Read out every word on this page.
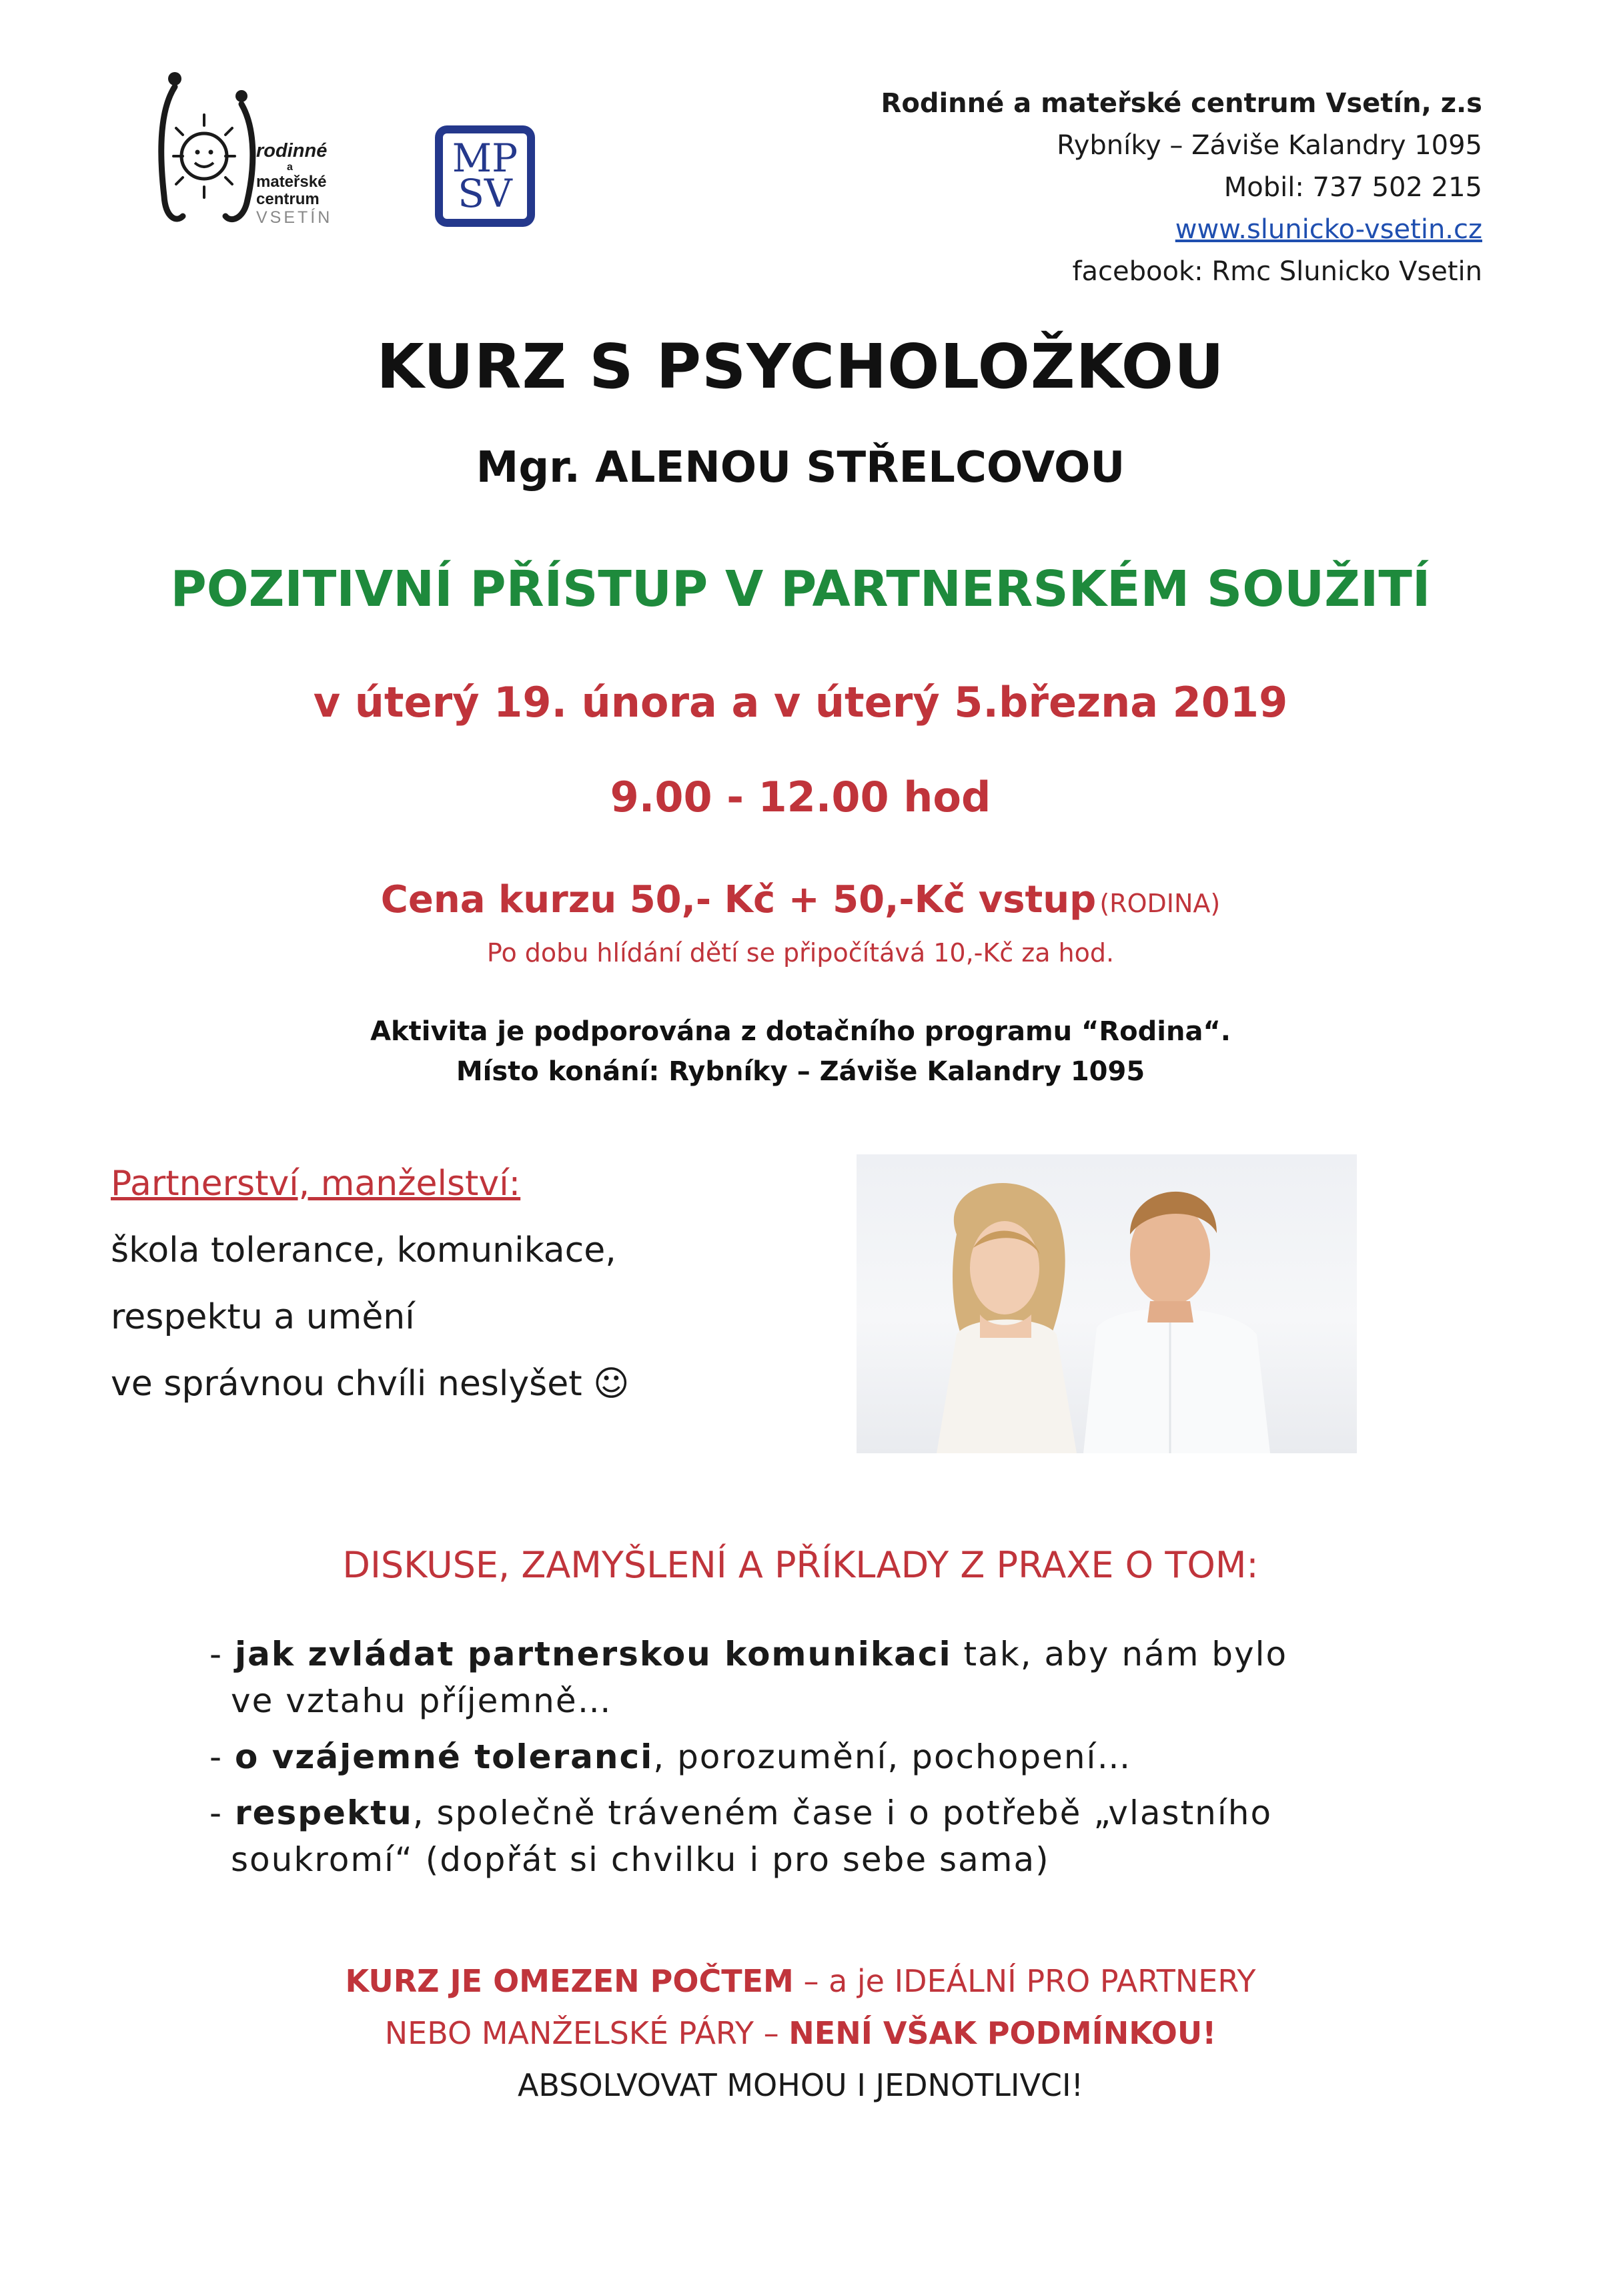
rodinné
a
mateřské
centrum
VSETÍN
MP
SV
Rodinné a mateřské centrum Vsetín, z.s
Rybníky – Záviše Kalandry 1095
Mobil: 737 502 215
www.slunicko-vsetin.cz
facebook: Rmc Slunicko Vsetin
KURZ S PSYCHOLOŽKOU
Mgr. ALENOU STŘELCOVOU
POZITIVNÍ PŘÍSTUP V PARTNERSKÉM SOUŽITÍ
v úterý 19. února a v úterý 5.března 2019
9.00 - 12.00 hod
Cena kurzu 50,- Kč + 50,-Kč vstup (RODINA)
Po dobu hlídání dětí se připočítává 10,-Kč za hod.
Aktivita je podporována z dotačního programu “Rodina“.
Místo konání: Rybníky – Záviše Kalandry 1095
Partnerství, manželství:
škola tolerance, komunikace,
respektu a umění
ve správnou chvíli neslyšet ☺
DISKUSE, ZAMYŠLENÍ A PŘÍKLADY Z PRAXE O TOM:
- jak zvládat partnerskou komunikaci tak, aby nám bylo
ve vztahu příjemně…
- o vzájemné toleranci, porozumění, pochopení…
- respektu, společně tráveném čase i o potřebě „vlastního
soukromí“ (dopřát si chvilku i pro sebe sama)
KURZ JE OMEZEN POČTEM – a je IDEÁLNÍ PRO PARTNERY
NEBO MANŽELSKÉ PÁRY – NENÍ VŠAK PODMÍNKOU!
ABSOLVOVAT MOHOU I JEDNOTLIVCI!
